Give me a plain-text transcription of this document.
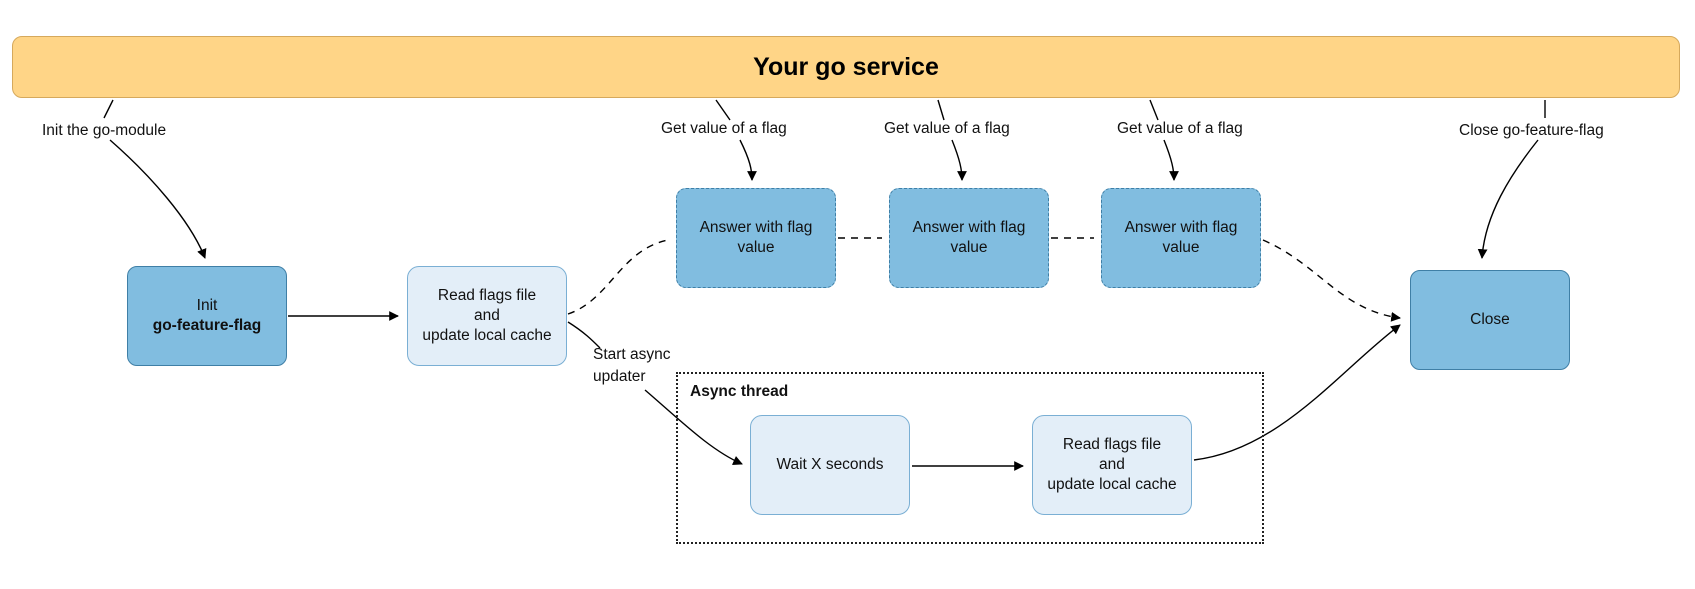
Your go service
Init
go-feature-flag
Read flags file
and
update local cache
Answer with flag
value
Answer with flag
value
Answer with flag
value
Close
Async thread
Wait X seconds
Read flags file
and
update local cache
Init the go-module	Get value of a flag	Get value of a flag	Get value of a flag	Close go-feature-flag
Start async
updater
